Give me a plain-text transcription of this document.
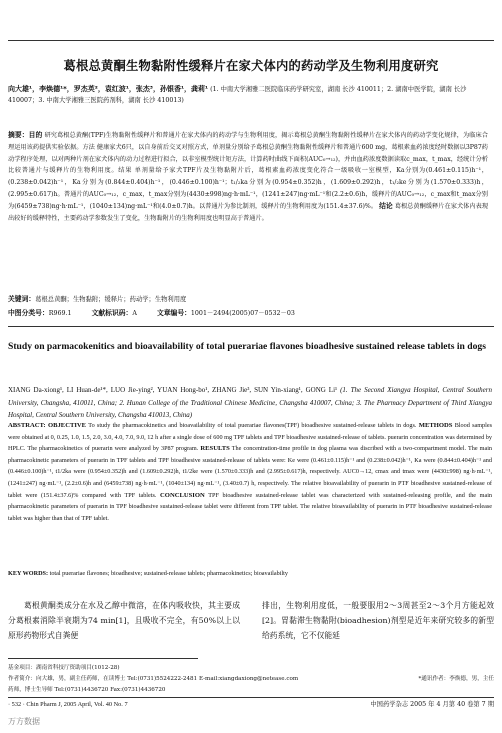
葛根总黄酮生物黏附性缓释片在家犬体内的药动学及生物利用度研究
向大雄¹，李焕德¹*，罗杰英²，袁红波¹，张杰³，孙银香¹，龚莉¹ (1. 中南大学湘雅二医院临床药学研究室，湖南 长沙 410011；2. 湖南中医学院，湖南 长沙 410007；3. 中南大学湘雅三医院药剂科，湖南 长沙 410013)
摘要：目的 研究葛根总黄酮(TPF)生物黏附性缓释片和普通片在家犬体内的药动学与生物利用度，揭示葛根总黄酮生物黏附性缓释片在家犬体内的药动学变化规律，为临床合理运用该药提供实验依据。方法 健康家犬6只，以自身前后交叉对照方式，单剂量分别给予葛根总黄酮生物黏附性缓释片和普通片600 mg，葛根素血药浓度经时数据以3P87药动学程序处理，以对两种片剂在家犬体内的动力过程进行拟合，以非室模型统计矩方法，计算药时曲线下面积(AUC₀→₁₂)，并由血药浓度数据读取c_max，t_max，经统计分析比较普通片与缓释片的生物利用度。结果 单剂量给予家犬TPF片及生物黏附片后，葛根素血药浓度变化符合一级吸收一室模型，Ka分别为(0.461±0.115)h⁻¹，(0.238±0.042)h⁻¹，Ka分别为(0.844±0.404)h⁻¹，(0.446±0.100)h⁻¹；t₁/₂ka分别为(0.954±0.352)h，(1.609±0.292)h，t₁/₂ke分别为(1.570±0.333)h，(2.995±0.617)h。普通片的AUC₀→₁₂，c_max，t_max分别为(4430±998)ng·h·mL⁻¹，(1241±247)ng·mL⁻¹和(2.2±0.6)h，缓释片的AUC₀→₁₂，c_max和t_max分别为(6459±738)ng·h·mL⁻¹，(1040±134)ng·mL⁻¹和(4.0±0.7)h。以普通片为参比制剂，缓释片的生物利用度为(151.4±37.6)%。 结论 葛根总黄酮缓释片在家犬体内表现出较好的缓释特性，主要药动学参数发生了变化，生物黏附片的生物利用度也明显高于普通片。
关键词：葛根总黄酮；生物黏附；缓释片；药动学；生物利用度
中图分类号：R969.1	文献标识码：A	文章编号：1001－2494(2005)07－0532－03
Study on parmacokenitics and bioavailability of total puerariae flavones bioadhesive sustained release tablets in dogs
XIANG Da-xiong¹, LI Huan-de¹*, LUO Jie-ying², YUAN Hong-bo¹, ZHANG Jie³, SUN Yin-xiang¹, GONG Li¹ (1. The Second Xiangya Hospital, Central Southern University, Changsha, 410011, China; 2. Hunan College of the Traditional Chinese Medicine, Changsha 410007, China; 3. The Pharmacy Department of Third Xiangya Hospital, Central Southern University, Changsha 410013, China)
ABSTRACT: OBJECTIVE To study the pharmacokinetics and bioavailability of total puerariae flavones(TPF) bioadhesive sustained-release tablets in dogs. METHODS Blood samples were obtained at 0, 0.25, 1.0, 1.5, 2.0, 3.0, 4.0, 7.0, 9.0, 12 h after a single dose of 600 mg TPF tablets and TPF bioadhesive sustained-release of tablets. puerarin concentration was determined by HPLC. The pharmacokinetics of puerarin were analyzed by 3P87 program. RESULTS The concentration-time profile in dog plasma was discribed with a two-compartment model. The main pharmacokinetic parameters of puerarin in TPF tablets and TPF bioadhesive sustained-release of tablets were: Ke were (0.461±0.115)h⁻¹ and (0.238±0.042)h⁻¹, Ka were (0.844±0.404)h⁻¹ and (0.446±0.100)h⁻¹, t1/2ka were (0.954±0.352)h and (1.609±0.292)h, t1/2ke were (1.570±0.333)h and (2.995±0.617)h, respectively. AUC0→12, cmax and tmax were (4430±998) ng·h·mL⁻¹, (1241±247) ng·mL⁻¹, (2.2±0.6)h and (6459±738) ng·h·mL⁻¹, (1040±134) ng·mL⁻¹, (3.40±0.7) h, respectively. The relative bioavailability of puerarin in PTF bioadhesive sustained-release of tablet were (151.4±37.6)% compared with TPF tablets. CONCLUSION TPF bioadhesive sustained-release tablet was characterized with sustained-releasing profile, and the main pharmacokinetic parameters of puerarin in TPF bioadhesive sustained-release tablet were different from TPF tablet. The relative bioavailability of puerarin in PTF bioadhesive sustained-release tablet was higher than that of TPF tablet.
KEY WORDS: total puerariae flavones; bioadhesive; sustained-release tablets; pharmacokinetics; bioavailabilty
葛根黄酮类成分在水及乙醇中微溶，在体内吸收快，其主要成分葛根素消除半衰期为74 min[1]，且吸收不完全，有50%以上以原形药物形式自粪便
排出，生物利用度低，一般要服用2～3周甚至2～3个月方能起效[2]。胃黏滞生物黏附(bioadhesion)剂型是近年来研究较多的新型给药系统，它不仅能延
基金项目：湖南省科技厅资助项目(1012-28)
作者简介：向大雄，男，副主任药师，在读博士 Tel:(0731)5524222-2481 E-mail:xiangdaxiong@netease.com	*通讯作者：李焕德，男，主任
药师，博士生导师 Tel:(0731)4436720 Fax:(0731)4436720
· 532 · Chin Pharm J, 2005 April, Vol. 40 No. 7	中国药学杂志 2005 年 4 月第 40 卷第 7 期
万方数据
